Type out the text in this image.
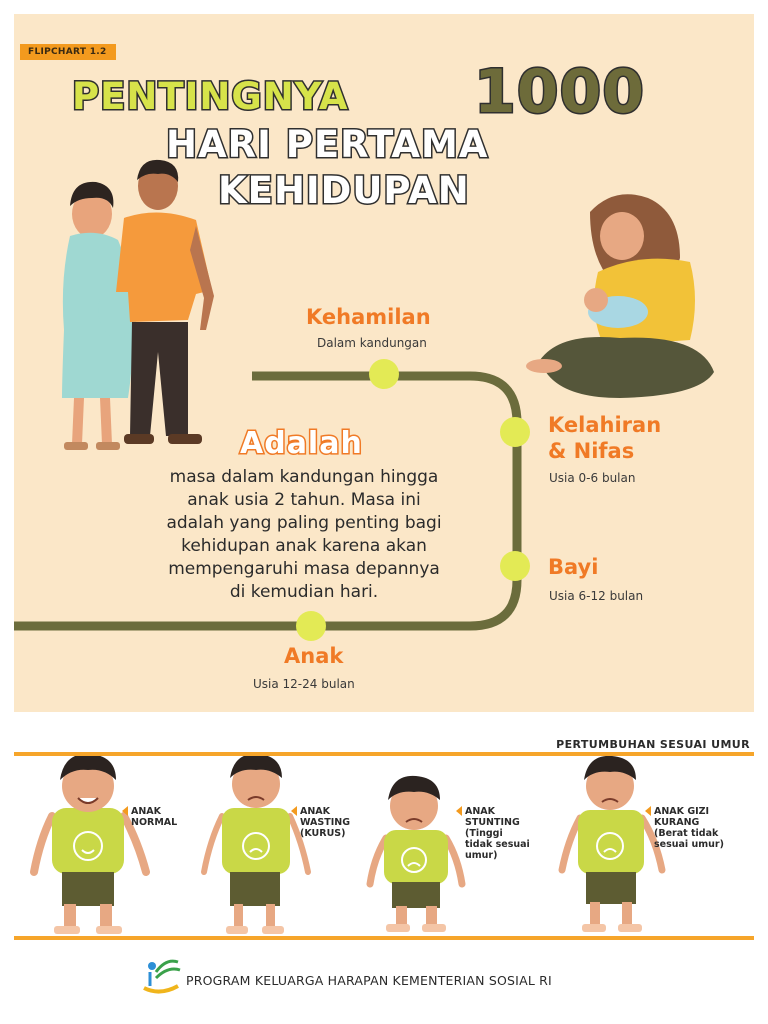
FLIPCHART 1.2
PENTINGNYA 1000
HARI PERTAMA
KEHIDUPAN
Kehamilan
Dalam kandungan
Kelahiran
& Nifas
Usia 0-6 bulan
Bayi
Usia 6-12 bulan
Anak
Usia 12-24 bulan
Adalah
masa dalam kandungan hingga
anak usia 2 tahun. Masa ini
adalah yang paling penting bagi
kehidupan anak karena akan
mempengaruhi masa depannya
di kemudian hari.
PERTUMBUHAN SESUAI UMUR
ANAK
NORMAL
ANAK
WASTING
(KURUS)
ANAK
STUNTING
(Tinggi
tidak sesuai
umur)
ANAK GIZI
KURANG
(Berat tidak
sesuai umur)
PROGRAM KELUARGA HARAPAN KEMENTERIAN SOSIAL RI
